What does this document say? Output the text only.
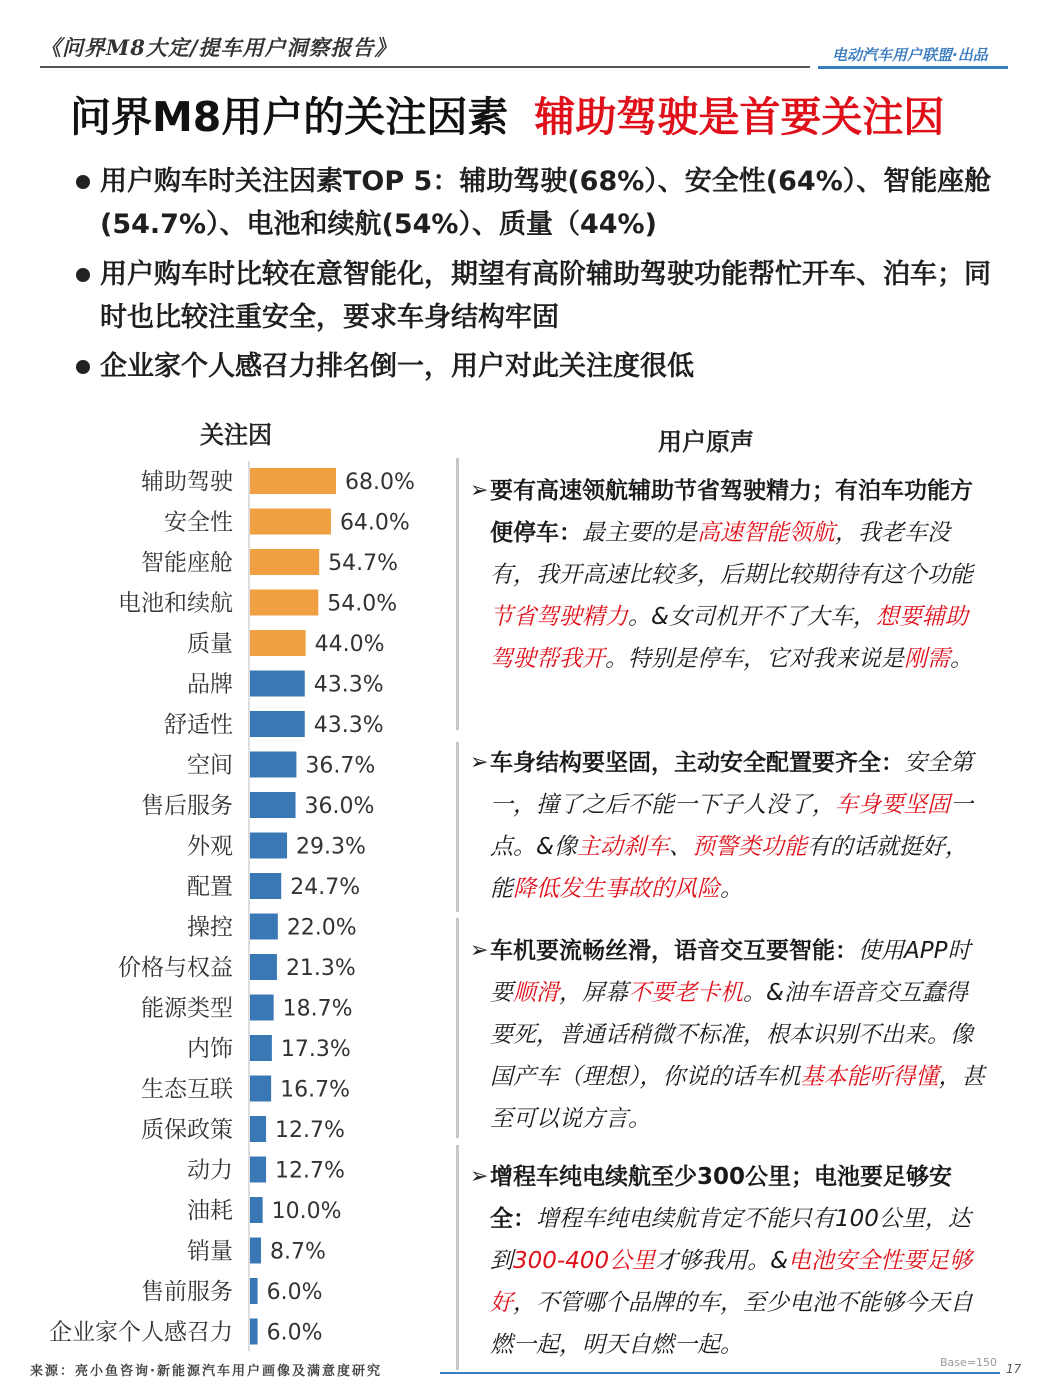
《问界M8大定/提车用户洞察报告》	电动汽车用户联盟·出品
问界M8用户的关注因素 辅助驾驶是首要关注因
用户购车时关注因素TOP 5：辅助驾驶(68%）、安全性(64%）、智能座舱(54.7%）、电池和续航(54%）、质量（44%)
用户购车时比较在意智能化，期望有高阶辅助驾驶功能帮忙开车、泊车；同时也比较注重安全，要求车身结构牢固
企业家个人感召力排名倒一，用户对此关注度很低
关注因	用户原声
辅助驾驶	68.0%
安全性	64.0%
智能座舱	54.7%
电池和续航	54.0%
质量	44.0%
品牌	43.3%
舒适性	43.3%
空间	36.7%
售后服务	36.0%
外观	29.3%
配置	24.7%
操控 22.0%
价格与权益 21.3%
能源类型 18.7%
内饰 17.3%
生态互联 16.7%
质保政策 12.7%
动力 12.7%
油耗 10.0%
销量 8.7%
售前服务 6.0%
企业家个人感召力 6.0%
➢ 要有高速领航辅助节省驾驶精力；有泊车功能方便停车：最主要的是高速智能领航，我老车没有，我开高速比较多，后期比较期待有这个功能节省驾驶精力。&女司机开不了大车，想要辅助驾驶帮我开。特别是停车，它对我来说是刚需。
➢ 车身结构要坚固，主动安全配置要齐全：安全第一，撞了之后不能一下子人没了，车身要坚固一点。&像主动刹车、预警类功能有的话就挺好，能降低发生事故的风险。
➢ 车机要流畅丝滑，语音交互要智能：使用APP时要顺滑，屏幕不要老卡机。&油车语音交互蠢得要死，普通话稍微不标准，根本识别不出来。像国产车（理想），你说的话车机基本能听得懂，甚至可以说方言。
➢ 增程车纯电续航至少300公里；电池要足够安全：增程车纯电续航肯定不能只有100公里，达到300-400公里才够我用。&电池安全性要足够好，不管哪个品牌的车，至少电池不能够今天自燃一起，明天自燃一起。
来源：亮小鱼咨询·新能源汽车用户画像及满意度研究
Base=150 17
